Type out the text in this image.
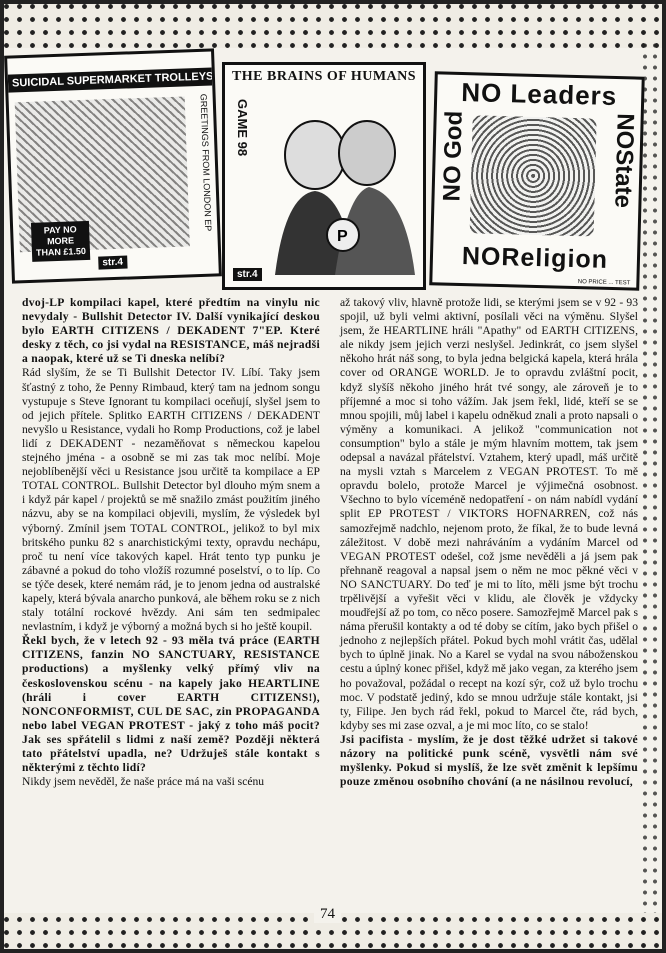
SUICIDAL SUPERMARKET TROLLEYS
GREETINGS FROM LONDON EP
PAY NO MORE THAN £1.50
str.4
THE BRAINS OF HUMANS
GAME 98
P
str.4
NO Leaders
NO God	NOState
NOReligion
NO PRICE ... TEST

dvoj-LP kompilaci kapel, které předtím na vinylu nic nevydaly - Bullshit Detector IV. Další vynikající deskou bylo EARTH CITIZENS / DEKADENT 7"EP. Které desky z těch, co jsi vydal na RESISTANCE, máš nejradši a naopak, které už se Ti dneska nelíbí?

Rád slyším, že se Ti Bullshit Detector IV. Líbí. Taky jsem šťastný z toho, že Penny Rimbaud, který tam na jednom songu vystupuje s Steve Ignorant tu kompilaci oceňují, slyšel jsem to od jejich přítele. Splitko EARTH CITIZENS / DEKADENT nevyšlo u Resistance, vydali ho Romp Productions, což je label lidí z DEKADENT - nezaměňovat s německou kapelou stejného jména - a osobně se mi zas tak moc nelíbí. Moje nejoblíbenější věci u Resistance jsou určitě ta kompilace a EP TOTAL CONTROL. Bullshit Detector byl dlouho mým snem a i když pár kapel / projektů se mě snažilo zmást použitím jiného názvu, aby se na kompilaci objevili, myslím, že výsledek byl výborný. Zmínil jsem TOTAL CONTROL, jelikož to byl mix britského punku 82 s anarchistickými texty, opravdu nechápu, proč tu není více takových kapel. Hrát tento typ punku je zábavné a pokud do toho vložíš rozumné poselství, o to líp. Co se týče desek, které nemám rád, je to jenom jedna od australské kapely, která bývala anarcho punková, ale během roku se z nich staly totální rockové hvězdy. Ani sám ten sedmipalec nevlastním, i když je výborný a možná bych si ho ještě koupil.

Řekl bych, že v letech 92 - 93 měla tvá práce (EARTH CITIZENS, fanzin NO SANCTUARY, RESISTANCE productions) a myšlenky velký přímý vliv na československou scénu - na kapely jako HEARTLINE (hráli i cover EARTH CITIZENS!), NONCONFORMIST, CUL DE SAC, zin PROPAGANDA nebo label VEGAN PROTEST - jaký z toho máš pocit? Jak ses spřátelil s lidmi z naší země? Později některá tato přátelství upadla, ne? Udržuješ stále kontakt s některými z těchto lidí?

Nikdy jsem nevěděl, že naše práce má na vaši scénu

až takový vliv, hlavně protože lidi, se kterými jsem se v 92 - 93 spojil, už byli velmi aktivní, posílali věci na výměnu. Slyšel jsem, že HEARTLINE hráli "Apathy" od EARTH CITIZENS, ale nikdy jsem jejich verzi neslyšel. Jedinkrát, co jsem slyšel někoho hrát náš song, to byla jedna belgická kapela, která hrála cover od ORANGE WORLD. Je to opravdu zvláštní pocit, když slyšíš někoho jiného hrát tvé songy, ale zároveň je to příjemné a moc si toho vážím. Jak jsem řekl, lidé, kteří se se mnou spojili, můj label i kapelu odněkud znali a proto napsali o výměny a komunikaci. A jelikož "communication not consumption" bylo a stále je mým hlavním mottem, tak jsem odepsal a navázal přátelství. Vztahem, který upadl, máš určitě na mysli vztah s Marcelem z VEGAN PROTEST. To mě opravdu bolelo, protože Marcel je výjimečná osobnost. Všechno to bylo víceméně nedopatření - on nám nabídl vydání split EP PROTEST / VIKTORS HOFNARREN, což nás samozřejmě nadchlo, nejenom proto, že fíkal, že to bude levná záležitost. V době mezi nahráváním a vydáním Marcel od VEGAN PROTEST odešel, což jsme nevěděli a já jsem pak přehnaně reagoval a napsal jsem o něm ne moc pěkné věci v NO SANCTUARY. Do teď je mi to líto, měli jsme být trochu trpělivější a vyřešit věci v klidu, ale člověk je vždycky moudřejší až po tom, co něco posere. Samozřejmě Marcel pak s náma přerušil kontakty a od té doby se cítím, jako bych přišel o jednoho z nejlepších přátel. Pokud bych mohl vrátit čas, udělal bych to úplně jinak. No a Karel se vydal na svou náboženskou cestu a úplný konec přišel, když mě jako vegan, za kterého jsem ho považoval, požádal o recept na kozí sýr, což už bylo trochu moc. V podstatě jediný, kdo se mnou udržuje stále kontakt, jsi ty, Filipe. Jen bych rád řekl, pokud to Marcel čte, rád bych, kdyby ses mi zase ozval, a je mi moc líto, co se stalo!

Jsi pacifista - myslím, že je dost těžké udržet si takové názory na politické punk scéně, vysvětli nám své myšlenky. Pokud si myslíš, že lze svět změnit k lepšímu pouze změnou osobního chování (a ne násilnou revolucí,

74
